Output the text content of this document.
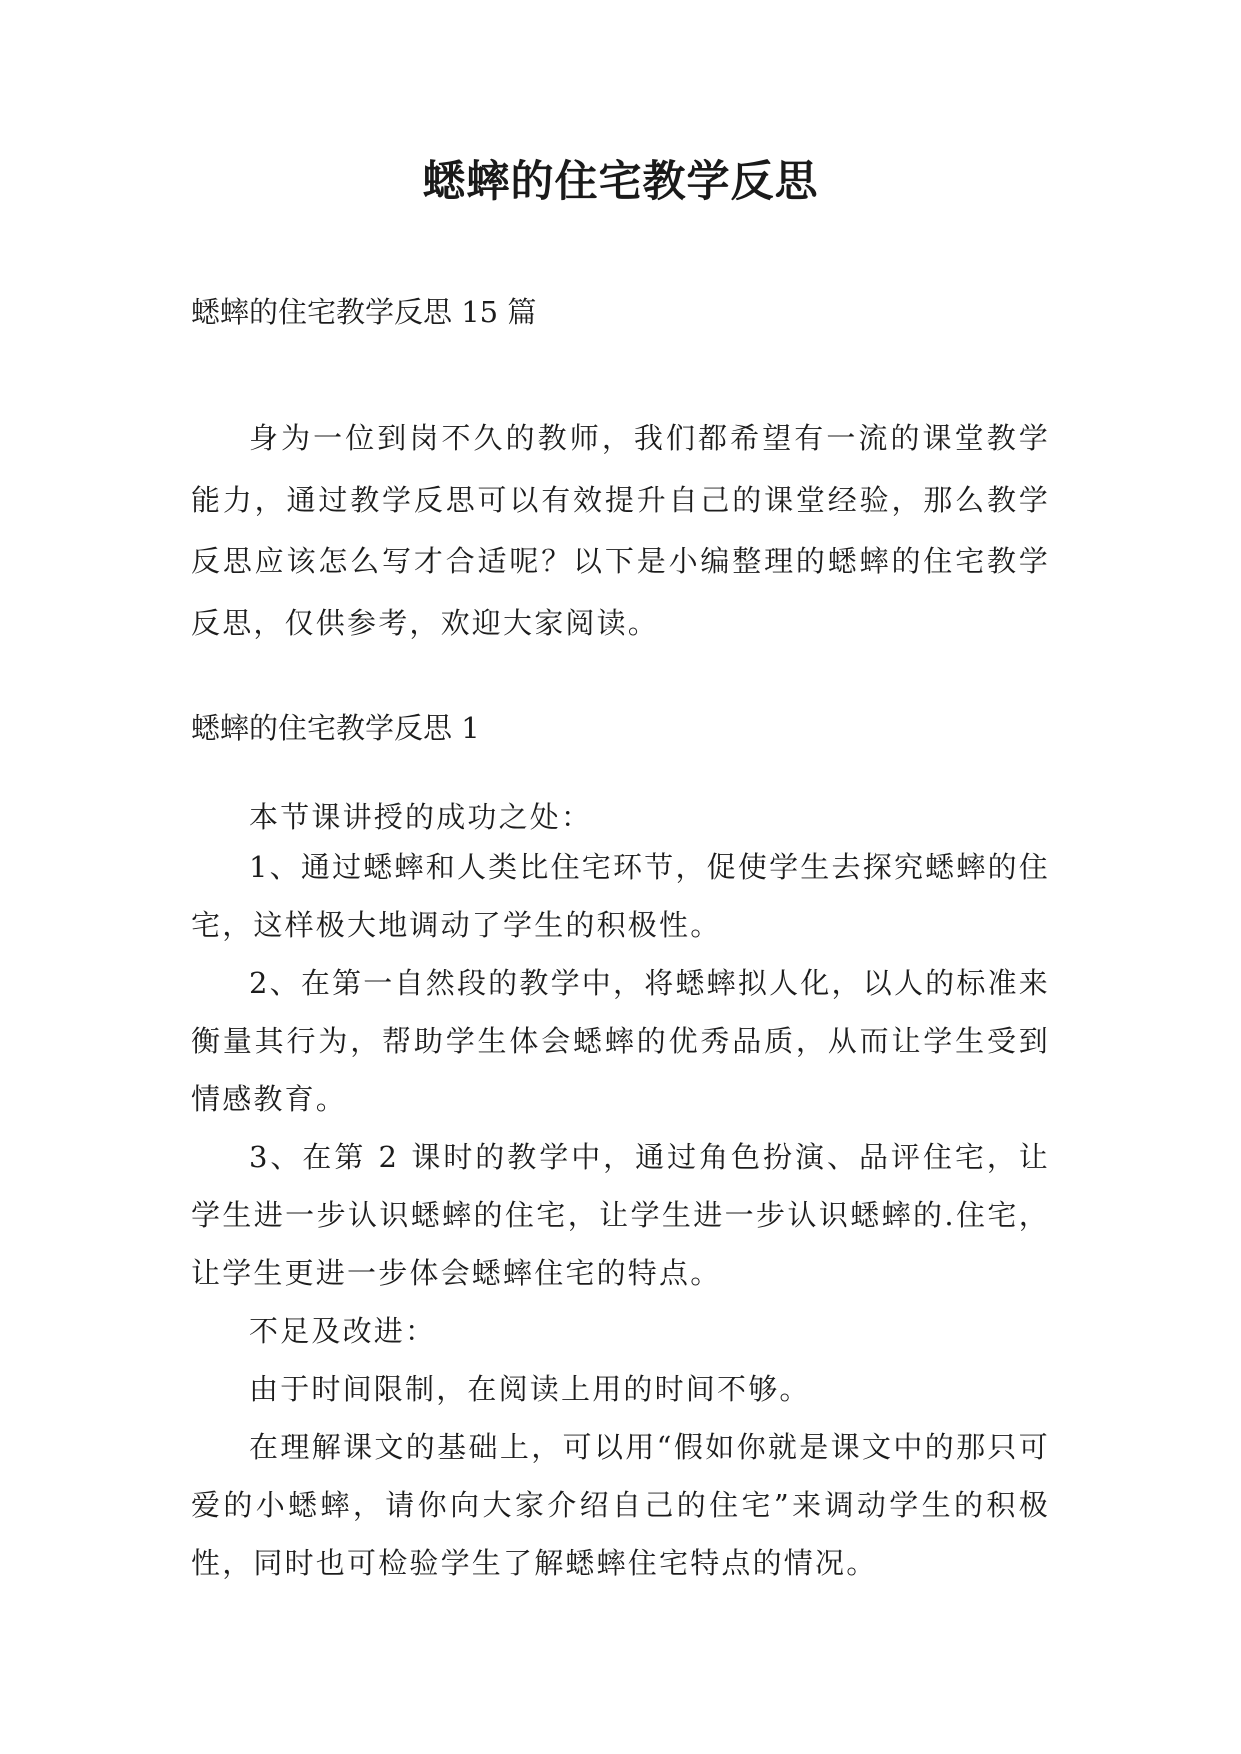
蟋蟀的住宅教学反思

蟋蟀的住宅教学反思 15 篇

身为一位到岗不久的教师，我们都希望有一流的课堂教学能力，通过教学反思可以有效提升自己的课堂经验，那么教学反思应该怎么写才合适呢？以下是小编整理的蟋蟀的住宅教学反思，仅供参考，欢迎大家阅读。

蟋蟀的住宅教学反思 1

本节课讲授的成功之处：

1、通过蟋蟀和人类比住宅环节，促使学生去探究蟋蟀的住宅，这样极大地调动了学生的积极性。

2、在第一自然段的教学中，将蟋蟀拟人化，以人的标准来衡量其行为，帮助学生体会蟋蟀的优秀品质，从而让学生受到情感教育。

3、在第 2 课时的教学中，通过角色扮演、品评住宅，让学生进一步认识蟋蟀的住宅，让学生进一步认识蟋蟀的.住宅，让学生更进一步体会蟋蟀住宅的特点。

不足及改进：

由于时间限制，在阅读上用的时间不够。

在理解课文的基础上，可以用“假如你就是课文中的那只可爱的小蟋蟀，请你向大家介绍自己的住宅”来调动学生的积极性，同时也可检验学生了解蟋蟀住宅特点的情况。
